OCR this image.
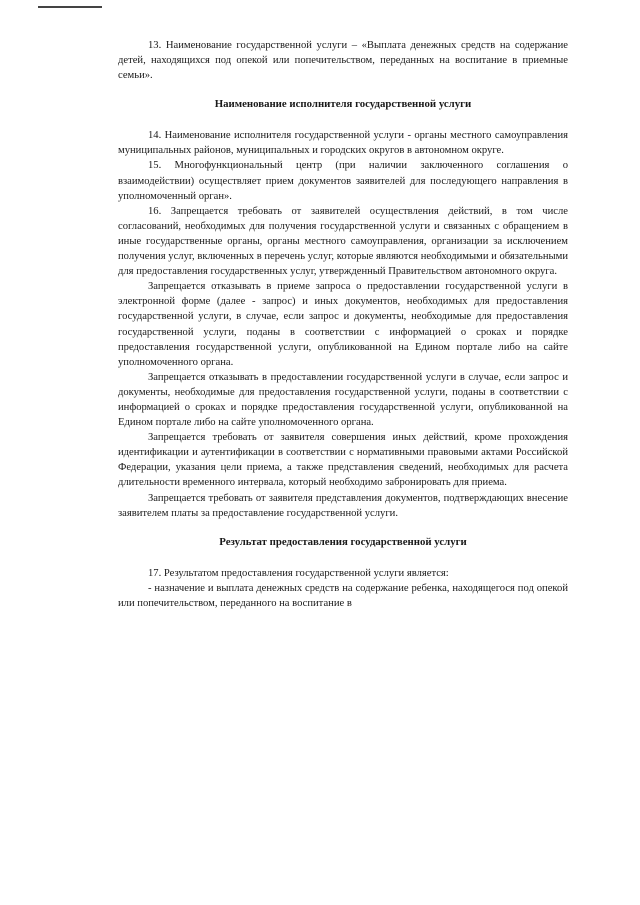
13. Наименование государственной услуги – «Выплата денежных средств на содержание детей, находящихся под опекой или попечительством, переданных на воспитание в приемные семьи».

Наименование исполнителя государственной услуги

14. Наименование исполнителя государственной услуги - органы местного самоуправления муниципальных районов, муниципальных и городских округов в автономном округе.

15. Многофункциональный центр (при наличии заключенного соглашения о взаимодействии) осуществляет прием документов заявителей для последующего направления в уполномоченный орган».

16. Запрещается требовать от заявителей осуществления действий, в том числе согласований, необходимых для получения государственной услуги и связанных с обращением в иные государственные органы, органы местного самоуправления, организации за исключением получения услуг, включенных в перечень услуг, которые являются необходимыми и обязательными для предоставления государственных услуг, утвержденный Правительством автономного округа.

Запрещается отказывать в приеме запроса о предоставлении государственной услуги в электронной форме (далее - запрос) и иных документов, необходимых для предоставления государственной услуги, в случае, если запрос и документы, необходимые для предоставления государственной услуги, поданы в соответствии с информацией о сроках и порядке предоставления государственной услуги, опубликованной на Едином портале либо на сайте уполномоченного органа.

Запрещается отказывать в предоставлении государственной услуги в случае, если запрос и документы, необходимые для предоставления государственной услуги, поданы в соответствии с информацией о сроках и порядке предоставления государственной услуги, опубликованной на Едином портале либо на сайте уполномоченного органа.

Запрещается требовать от заявителя совершения иных действий, кроме прохождения идентификации и аутентификации в соответствии с нормативными правовыми актами Российской Федерации, указания цели приема, а также представления сведений, необходимых для расчета длительности временного интервала, который необходимо забронировать для приема.

Запрещается требовать от заявителя представления документов, подтверждающих внесение заявителем платы за предоставление государственной услуги.

Результат предоставления государственной услуги

17. Результатом предоставления государственной услуги является:

- назначение и выплата денежных средств на содержание ребенка, находящегося под опекой или попечительством, переданного на воспитание в
